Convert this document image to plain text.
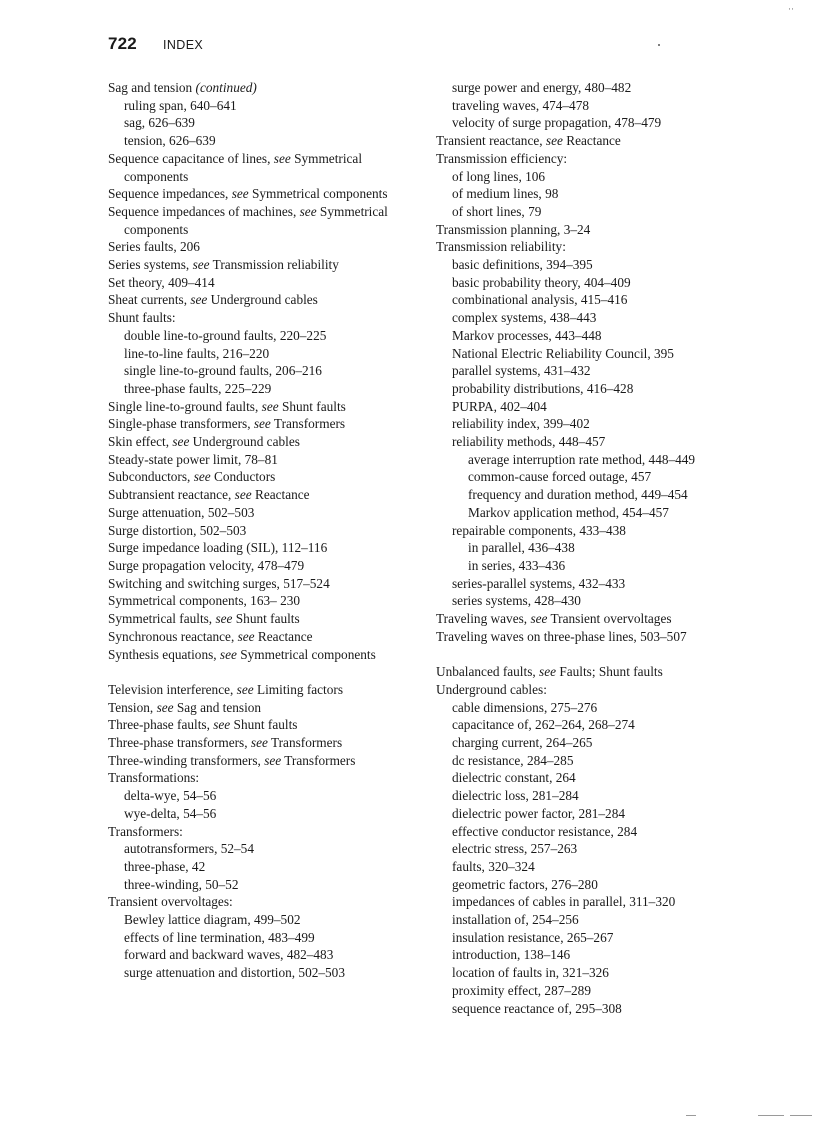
··
722 INDEX
Sag and tension (continued)
ruling span, 640–641
sag, 626–639
tension, 626–639
Sequence capacitance of lines, see Symmetrical components
Sequence impedances, see Symmetrical components
Sequence impedances of machines, see Symmetrical components
Series faults, 206
Series systems, see Transmission reliability
Set theory, 409–414
Sheat currents, see Underground cables
Shunt faults:
double line-to-ground faults, 220–225
line-to-line faults, 216–220
single line-to-ground faults, 206–216
three-phase faults, 225–229
Single line-to-ground faults, see Shunt faults
Single-phase transformers, see Transformers
Skin effect, see Underground cables
Steady-state power limit, 78–81
Subconductors, see Conductors
Subtransient reactance, see Reactance
Surge attenuation, 502–503
Surge distortion, 502–503
Surge impedance loading (SIL), 112–116
Surge propagation velocity, 478–479
Switching and switching surges, 517–524
Symmetrical components, 163– 230
Symmetrical faults, see Shunt faults
Synchronous reactance, see Reactance
Synthesis equations, see Symmetrical components
Television interference, see Limiting factors
Tension, see Sag and tension
Three-phase faults, see Shunt faults
Three-phase transformers, see Transformers
Three-winding transformers, see Transformers
Transformations:
delta-wye, 54–56
wye-delta, 54–56
Transformers:
autotransformers, 52–54
three-phase, 42
three-winding, 50–52
Transient overvoltages:
Bewley lattice diagram, 499–502
effects of line termination, 483–499
forward and backward waves, 482–483
surge attenuation and distortion, 502–503
surge power and energy, 480–482
traveling waves, 474–478
velocity of surge propagation, 478–479
Transient reactance, see Reactance
Transmission efficiency:
of long lines, 106
of medium lines, 98
of short lines, 79
Transmission planning, 3–24
Transmission reliability:
basic definitions, 394–395
basic probability theory, 404–409
combinational analysis, 415–416
complex systems, 438–443
Markov processes, 443–448
National Electric Reliability Council, 395
parallel systems, 431–432
probability distributions, 416–428
PURPA, 402–404
reliability index, 399–402
reliability methods, 448–457
average interruption rate method, 448–449
common-cause forced outage, 457
frequency and duration method, 449–454
Markov application method, 454–457
repairable components, 433–438
in parallel, 436–438
in series, 433–436
series-parallel systems, 432–433
series systems, 428–430
Traveling waves, see Transient overvoltages
Traveling waves on three-phase lines, 503–507
Unbalanced faults, see Faults; Shunt faults
Underground cables:
cable dimensions, 275–276
capacitance of, 262–264, 268–274
charging current, 264–265
dc resistance, 284–285
dielectric constant, 264
dielectric loss, 281–284
dielectric power factor, 281–284
effective conductor resistance, 284
electric stress, 257–263
faults, 320–324
geometric factors, 276–280
impedances of cables in parallel, 311–320
installation of, 254–256
insulation resistance, 265–267
introduction, 138–146
location of faults in, 321–326
proximity effect, 287–289
sequence reactance of, 295–308
